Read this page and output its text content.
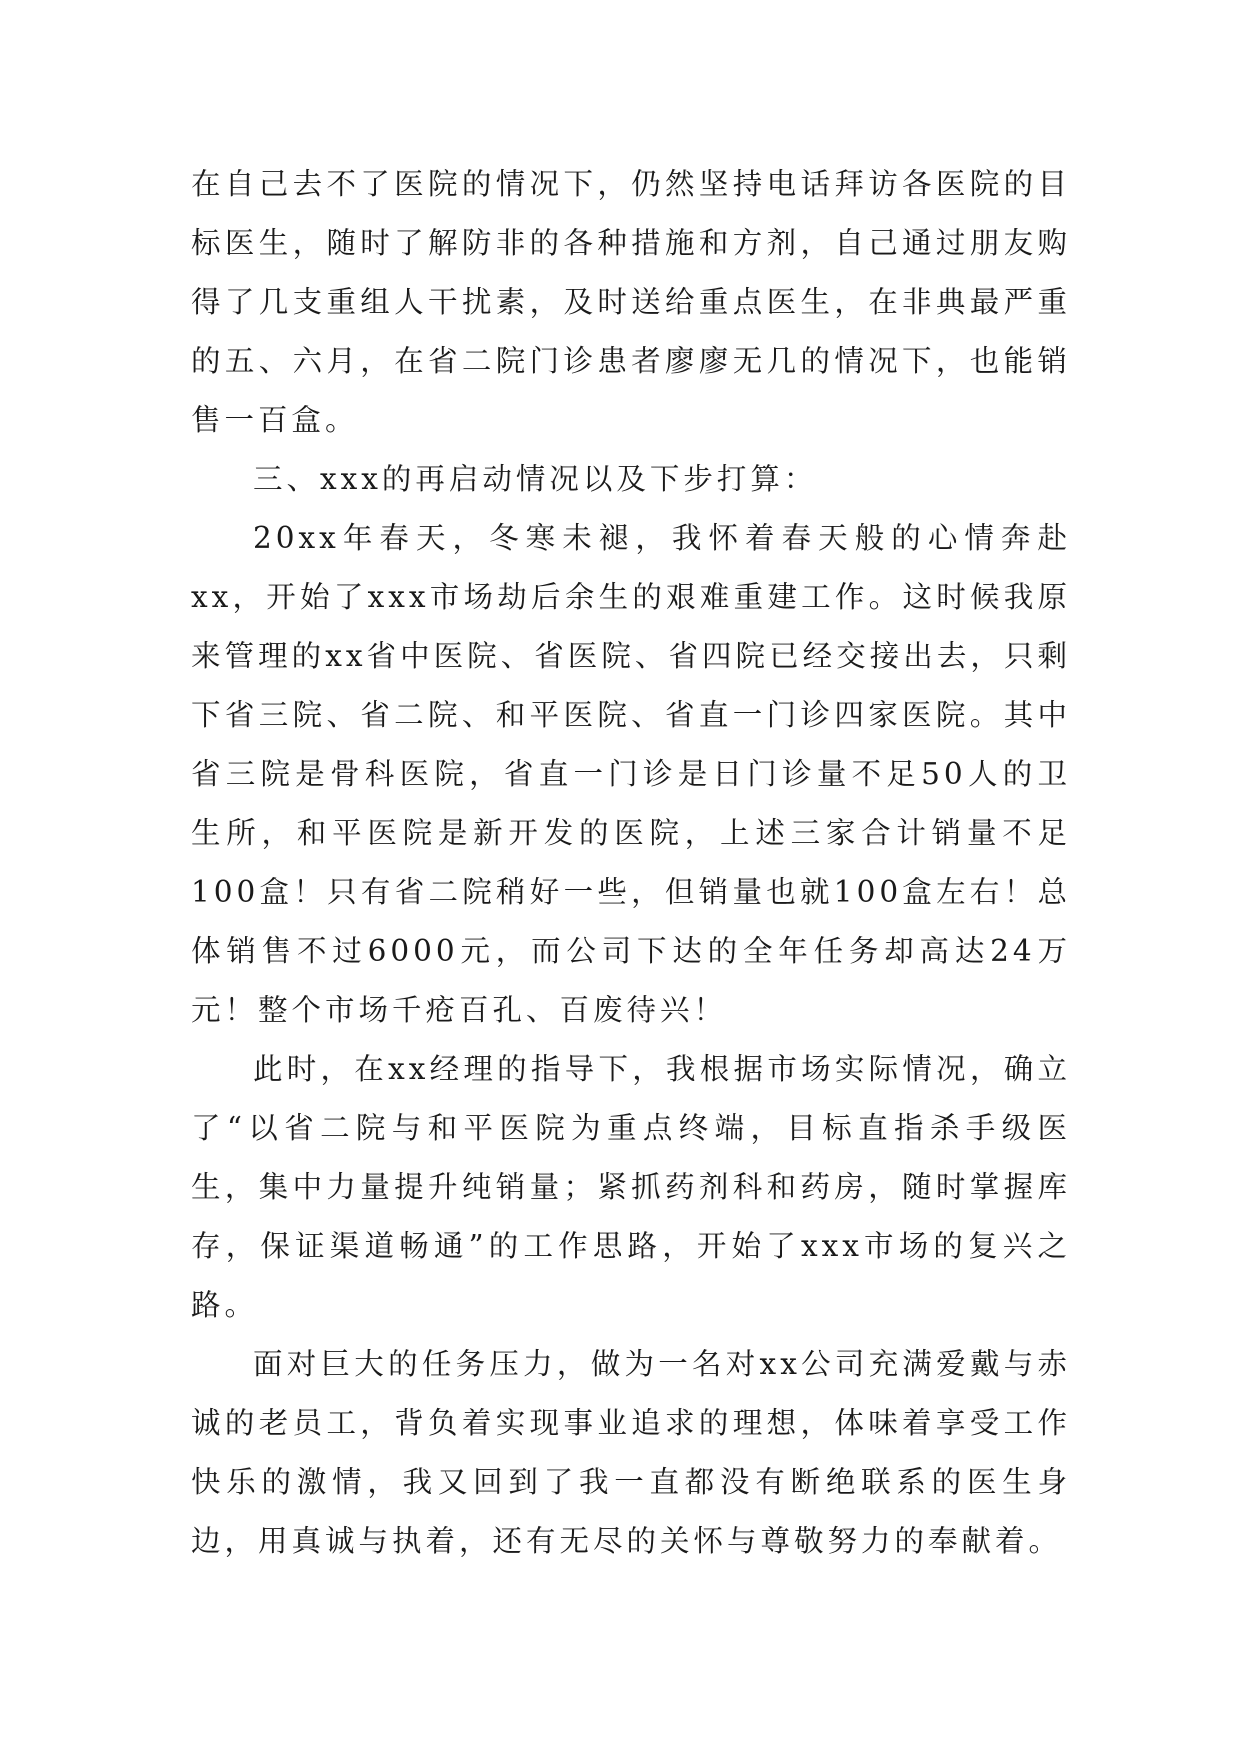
在自己去不了医院的情况下，仍然坚持电话拜访各医院的目标医生，随时了解防非的各种措施和方剂，自己通过朋友购得了几支重组人干扰素，及时送给重点医生，在非典最严重的五、六月，在省二院门诊患者廖廖无几的情况下，也能销售一百盒。

三、xxx的再启动情况以及下步打算：

20xx年春天，冬寒未褪，我怀着春天般的心情奔赴xx，开始了xxx市场劫后余生的艰难重建工作。这时候我原来管理的xx省中医院、省医院、省四院已经交接出去，只剩下省三院、省二院、和平医院、省直一门诊四家医院。其中省三院是骨科医院，省直一门诊是日门诊量不足50人的卫生所，和平医院是新开发的医院，上述三家合计销量不足100盒！只有省二院稍好一些，但销量也就100盒左右！总体销售不过6000元，而公司下达的全年任务却高达24万元！整个市场千疮百孔、百废待兴！

此时，在xx经理的指导下，我根据市场实际情况，确立了“以省二院与和平医院为重点终端，目标直指杀手级医生，集中力量提升纯销量；紧抓药剂科和药房，随时掌握库存，保证渠道畅通”的工作思路，开始了xxx市场的复兴之路。

面对巨大的任务压力，做为一名对xx公司充满爱戴与赤诚的老员工，背负着实现事业追求的理想，体味着享受工作快乐的激情，我又回到了我一直都没有断绝联系的医生身边，用真诚与执着，还有无尽的关怀与尊敬努力的奉献着。
